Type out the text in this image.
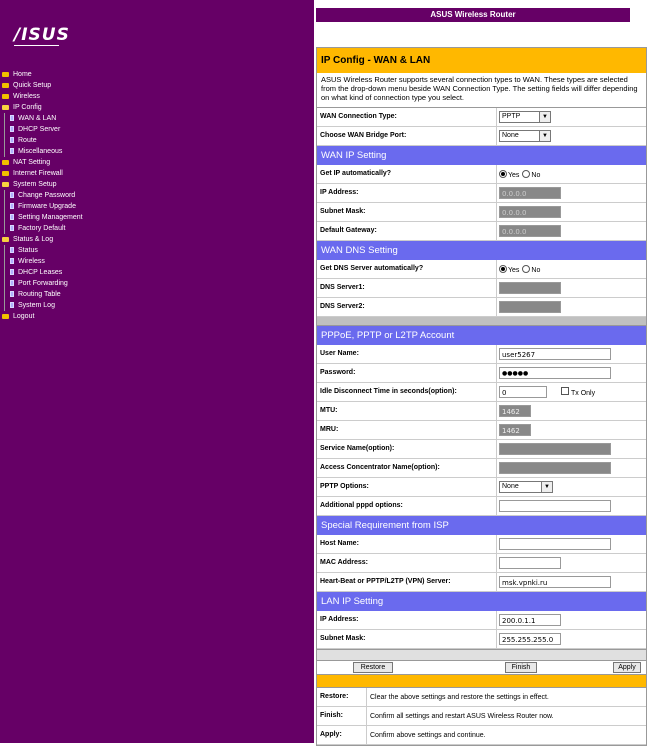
/ISUS
Home
Quick Setup
Wireless
IP Config
WAN & LAN
DHCP Server
Route
Miscellaneous
NAT Setting
Internet Firewall
System Setup
Change Password
Firmware Upgrade
Setting Management
Factory Default
Status & Log
Status
Wireless
DHCP Leases
Port Forwarding
Routing Table
System Log
Logout
ASUS Wireless Router
IP Config - WAN & LAN
ASUS Wireless Router supports several connection types to WAN. These types are selected from the drop-down menu beside WAN Connection Type. The setting fields will differ depending on what kind of connection type you select.
WAN Connection Type:	PPTP	▼
Choose WAN Bridge Port:	None	▼
WAN IP Setting
Get IP automatically?	Yes	No
IP Address:	0.0.0.0
Subnet Mask:	0.0.0.0
Default Gateway:	0.0.0.0
WAN DNS Setting
Get DNS Server automatically?	Yes	No
DNS Server1:
DNS Server2:
PPPoE, PPTP or L2TP Account
User Name:	user5267
Password:	●●●●●
Idle Disconnect Time in seconds(option):	0	Tx Only
MTU:	1462
MRU:	1462
Service Name(option):
Access Concentrator Name(option):
PPTP Options:	None	▼
Additional pppd options:
Special Requirement from ISP
Host Name:
MAC Address:
Heart-Beat or PPTP/L2TP (VPN) Server:	msk.vpnki.ru
LAN IP Setting
IP Address:	200.0.1.1
Subnet Mask:	255.255.255.0
Restore	Finish	Apply
Restore:	Clear the above settings and restore the settings in effect.
Finish:	Confirm all settings and restart ASUS Wireless Router now.
Apply:	Confirm above settings and continue.
